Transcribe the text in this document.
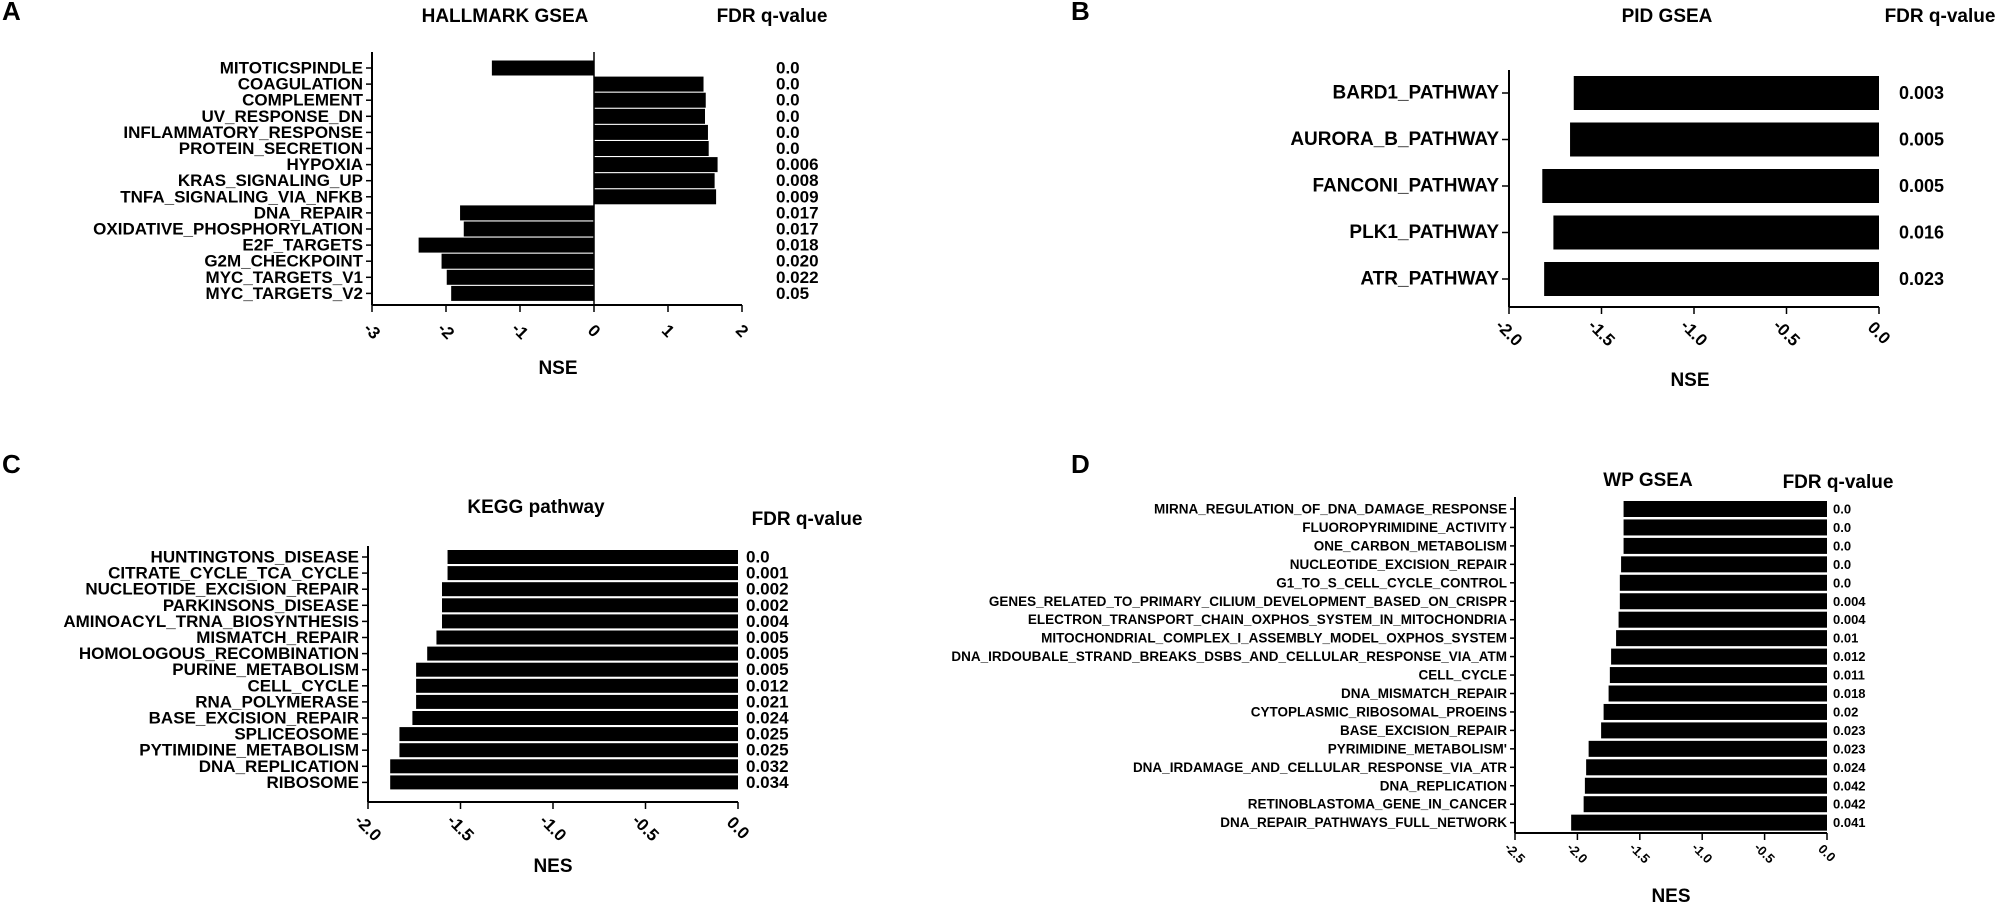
A	HALLMARK GSEA	FDR q-value
MITOTICSPINDLE	0.0
COAGULATION	0.0
COMPLEMENT	0.0
UV_RESPONSE_DN	0.0
INFLAMMATORY_RESPONSE	0.0
PROTEIN_SECRETION	0.0
HYPOXIA	0.006
KRAS_SIGNALING_UP	0.008
TNFA_SIGNALING_VIA_NFKB	0.009
DNA_REPAIR	0.017
OXIDATIVE_PHOSPHORYLATION	0.017
E2F_TARGETS	0.018
G2M_CHECKPOINT	0.020
MYC_TARGETS_V1	0.022
MYC_TARGETS_V2	0.05
-3	-2	-1	0	1	2
NSE
B	PID GSEA	FDR q-value
BARD1_PATHWAY	0.003
AURORA_B_PATHWAY	0.005
FANCONI_PATHWAY	0.005
PLK1_PATHWAY	0.016
ATR_PATHWAY	0.023
-2.0	-1.5	-1.0	-0.5	0.0
NSE
C
KEGG pathway
FDR q-value
HUNTINGTONS_DISEASE	0.0
CITRATE_CYCLE_TCA_CYCLE	0.001
NUCLEOTIDE_EXCISION_REPAIR	0.002
PARKINSONS_DISEASE	0.002
AMINOACYL_TRNA_BIOSYNTHESIS	0.004
MISMATCH_REPAIR	0.005
HOMOLOGOUS_RECOMBINATION	0.005
PURINE_METABOLISM	0.005
CELL_CYCLE	0.012
RNA_POLYMERASE	0.021
BASE_EXCISION_REPAIR	0.024
SPLICEOSOME	0.025
PYTIMIDINE_METABOLISM	0.025
DNA_REPLICATION	0.032
RIBOSOME	0.034
-2.0	-1.5	-1.0	-0.5	0.0
NES
D
WP GSEA	FDR q-value
MIRNA_REGULATION_OF_DNA_DAMAGE_RESPONSE	0.0
FLUOROPYRIMIDINE_ACTIVITY	0.0
ONE_CARBON_METABOLISM	0.0
NUCLEOTIDE_EXCISION_REPAIR	0.0
G1_TO_S_CELL_CYCLE_CONTROL	0.0
GENES_RELATED_TO_PRIMARY_CILIUM_DEVELOPMENT_BASED_ON_CRISPR	0.004
ELECTRON_TRANSPORT_CHAIN_OXPHOS_SYSTEM_IN_MITOCHONDRIA	0.004
MITOCHONDRIAL_COMPLEX_I_ASSEMBLY_MODEL_OXPHOS_SYSTEM	0.01
DNA_IRDOUBALE_STRAND_BREAKS_DSBS_AND_CELLULAR_RESPONSE_VIA_ATM	0.012
CELL_CYCLE	0.011
DNA_MISMATCH_REPAIR	0.018
CYTOPLASMIC_RIBOSOMAL_PROEINS	0.02
BASE_EXCISION_REPAIR	0.023
PYRIMIDINE_METABOLISM'	0.023
DNA_IRDAMAGE_AND_CELLULAR_RESPONSE_VIA_ATR	0.024
DNA_REPLICATION	0.042
RETINOBLASTOMA_GENE_IN_CANCER	0.042
DNA_REPAIR_PATHWAYS_FULL_NETWORK	0.041
-2.5	-2.0	-1.5	-1.0	-0.5	0.0
NES
